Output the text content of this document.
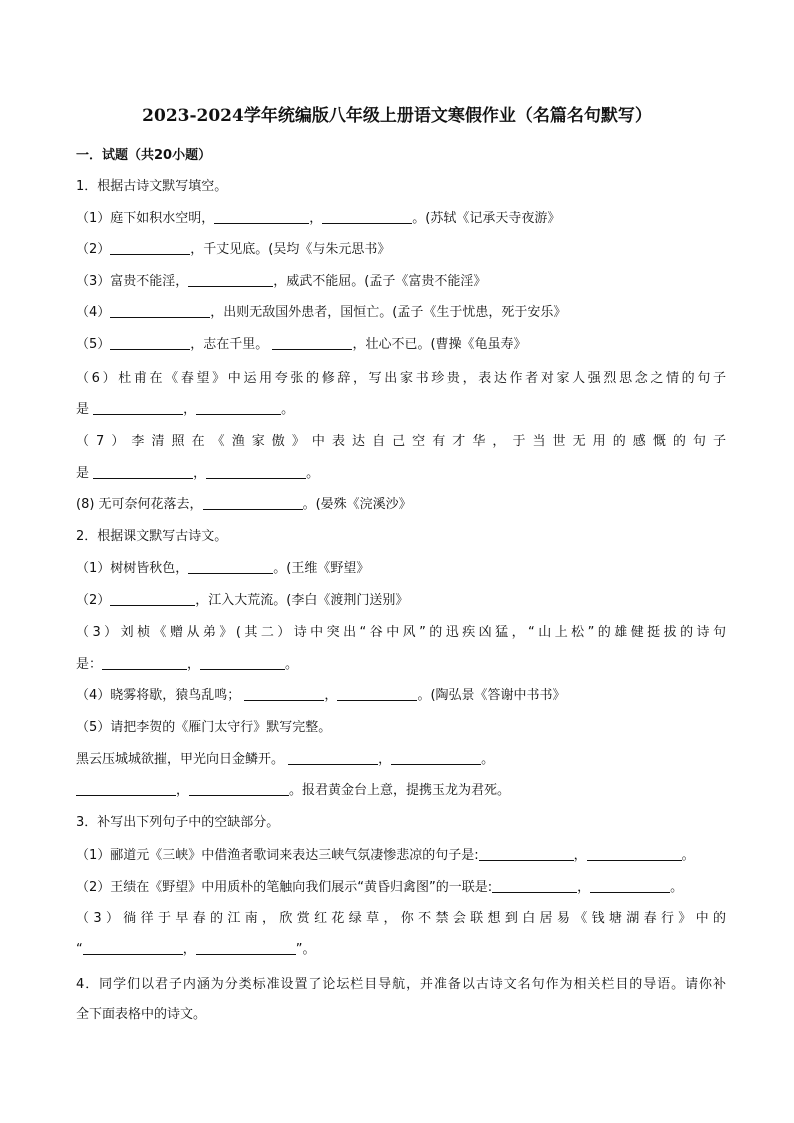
2023-2024学年统编版八年级上册语文寒假作业（名篇名句默写）
一．试题（共20小题）
1．根据古诗文默写填空。
（1）庭下如积水空明，	，	。(苏轼《记承天寺夜游》
（2）	，千丈见底。(吴均《与朱元思书》
（3）富贵不能淫，	，威武不能屈。(孟子《富贵不能淫》
（4）	，出则无敌国外患者，国恒亡。(孟子《生于忧患，死于安乐》
（5）	，志在千里。	，壮心不已。(曹操《龟虽寿》
（6）杜甫在《春望》中运用夸张的修辞，写出家书珍贵，表达作者对家人强烈思念之情的句子
是	，	。
（7）李清照在《渔家傲》中表达自己空有才华，于当世无用的感慨的句子
是	，	。
(8) 无可奈何花落去，	。(晏殊《浣溪沙》
2．根据课文默写古诗文。
（1）树树皆秋色，	。(王维《野望》
（2）	，江入大荒流。(李白《渡荆门送别》
（3）刘桢《赠从弟》(其二）诗中突出“谷中风”的迅疾凶猛，“山上松”的雄健挺拔的诗句
是：	，	。
（4）晓雾将歇，猿鸟乱鸣；	，	。(陶弘景《答谢中书书》
（5）请把李贺的《雁门太守行》默写完整。
黑云压城城欲摧，甲光向日金鳞开。	，	。
，	。报君黄金台上意，提携玉龙为君死。
3．补写出下列句子中的空缺部分。
（1）郦道元《三峡》中借渔者歌词来表达三峡气氛凄惨悲凉的句子是:	，	。
（2）王绩在《野望》中用质朴的笔触向我们展示“黄昏归禽图”的一联是:	，	。
（3）徜徉于早春的江南，欣赏红花绿草，你不禁会联想到白居易《钱塘湖春行》中的
“	，	”。
4．同学们以君子内涵为分类标准设置了论坛栏目导航，并准备以古诗文名句作为相关栏目的导语。请你补
全下面表格中的诗文。
